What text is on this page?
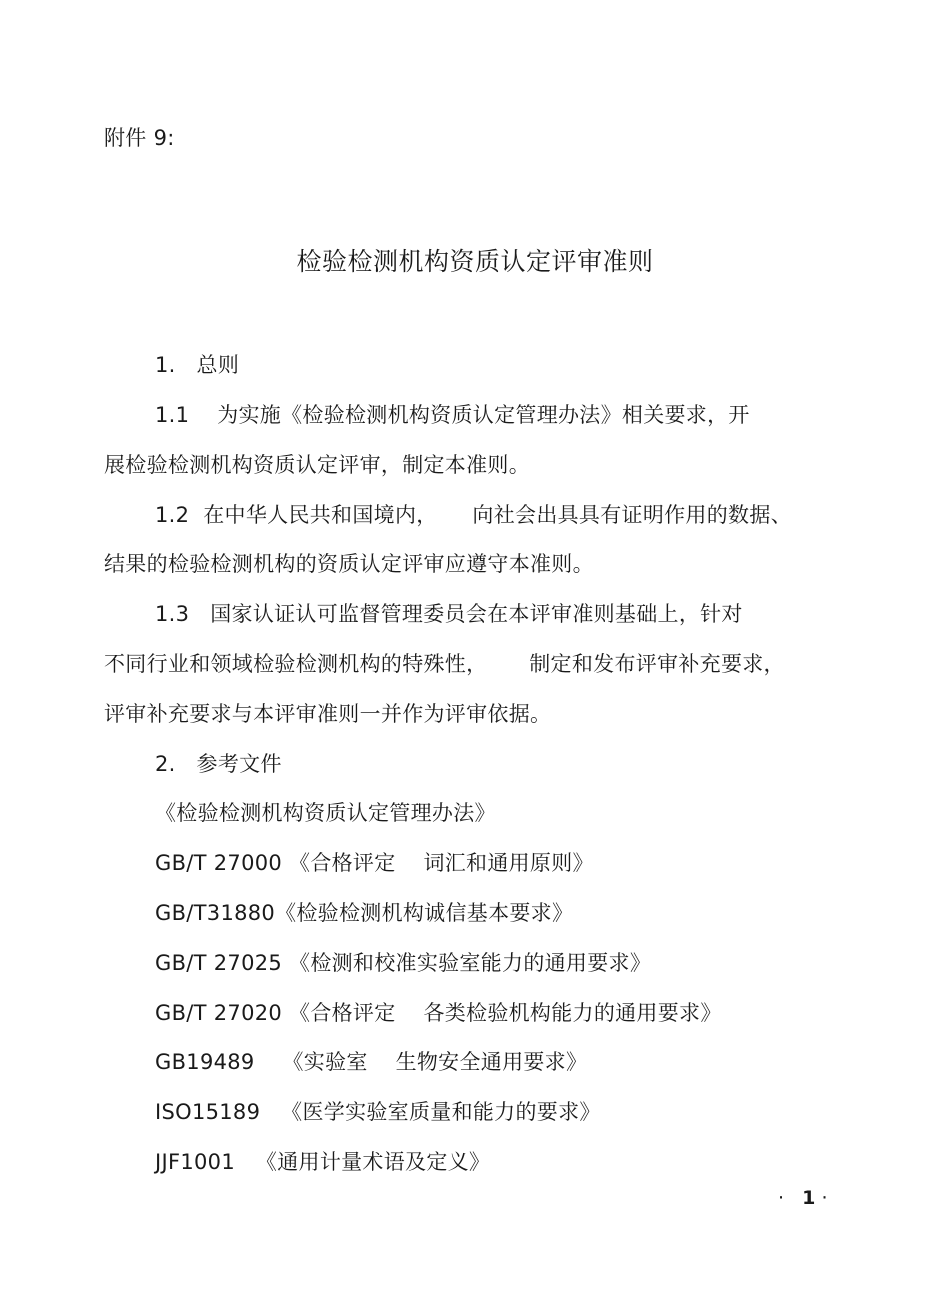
附件 9:
检验检测机构资质认定评审准则
1.   总则
1.1    为实施《检验检测机构资质认定管理办法》相关要求，开
展检验检测机构资质认定评审，制定本准则。
1.2  在中华人民共和国境内，     向社会出具具有证明作用的数据、
结果的检验检测机构的资质认定评审应遵守本准则。
1.3   国家认证认可监督管理委员会在本评审准则基础上，针对
不同行业和领域检验检测机构的特殊性，      制定和发布评审补充要求，
评审补充要求与本评审准则一并作为评审依据。
2.   参考文件
《检验检测机构资质认定管理办法》
GB/T 27000 《合格评定    词汇和通用原则》
GB/T31880《检验检测机构诚信基本要求》
GB/T 27025 《检测和校准实验室能力的通用要求》
GB/T 27020 《合格评定    各类检验机构能力的通用要求》
GB19489    《实验室    生物安全通用要求》
ISO15189   《医学实验室质量和能力的要求》
JJF1001   《通用计量术语及定义》
· 1 ·
